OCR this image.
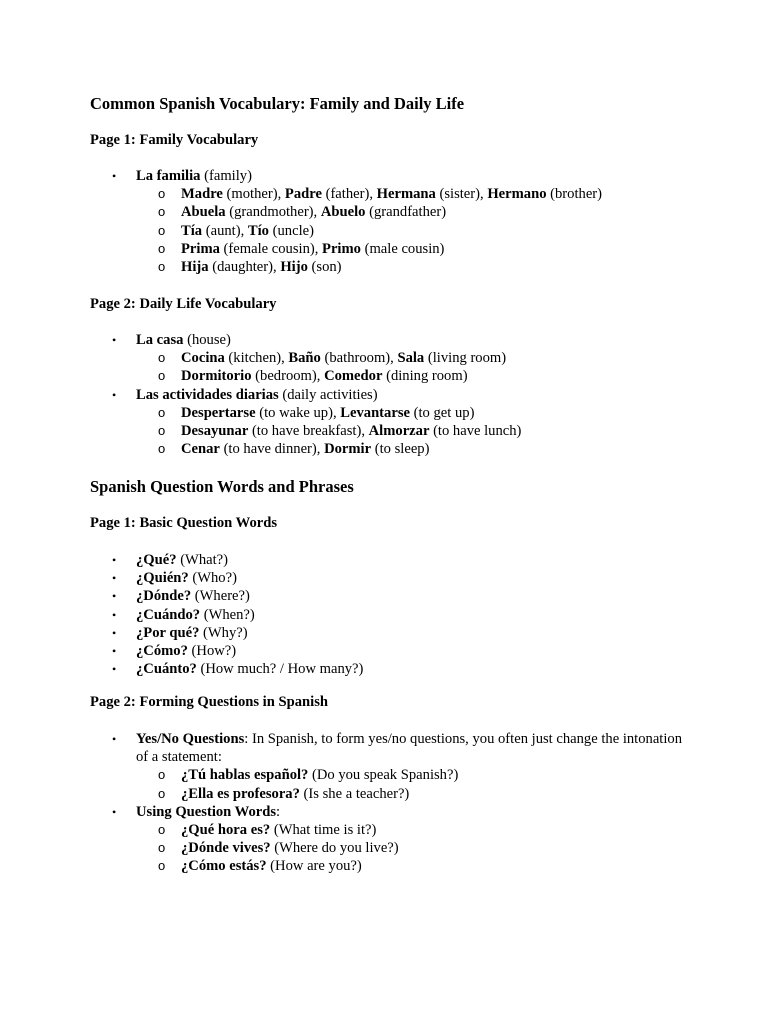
Common Spanish Vocabulary: Family and Daily Life
Page 1: Family Vocabulary
• La familia (family)
o Madre (mother), Padre (father), Hermana (sister), Hermano (brother)
o Abuela (grandmother), Abuelo (grandfather)
o Tía (aunt), Tío (uncle)
o Prima (female cousin), Primo (male cousin)
o Hija (daughter), Hijo (son)
Page 2: Daily Life Vocabulary
• La casa (house)
o Cocina (kitchen), Baño (bathroom), Sala (living room)
o Dormitorio (bedroom), Comedor (dining room)
• Las actividades diarias (daily activities)
o Despertarse (to wake up), Levantarse (to get up)
o Desayunar (to have breakfast), Almorzar (to have lunch)
o Cenar (to have dinner), Dormir (to sleep)
Spanish Question Words and Phrases
Page 1: Basic Question Words
• ¿Qué? (What?)
• ¿Quién? (Who?)
• ¿Dónde? (Where?)
• ¿Cuándo? (When?)
• ¿Por qué? (Why?)
• ¿Cómo? (How?)
• ¿Cuánto? (How much? / How many?)
Page 2: Forming Questions in Spanish
• Yes/No Questions: In Spanish, to form yes/no questions, you often just change the intonation of a statement:
o ¿Tú hablas español? (Do you speak Spanish?)
o ¿Ella es profesora? (Is she a teacher?)
• Using Question Words:
o ¿Qué hora es? (What time is it?)
o ¿Dónde vives? (Where do you live?)
o ¿Cómo estás? (How are you?)
